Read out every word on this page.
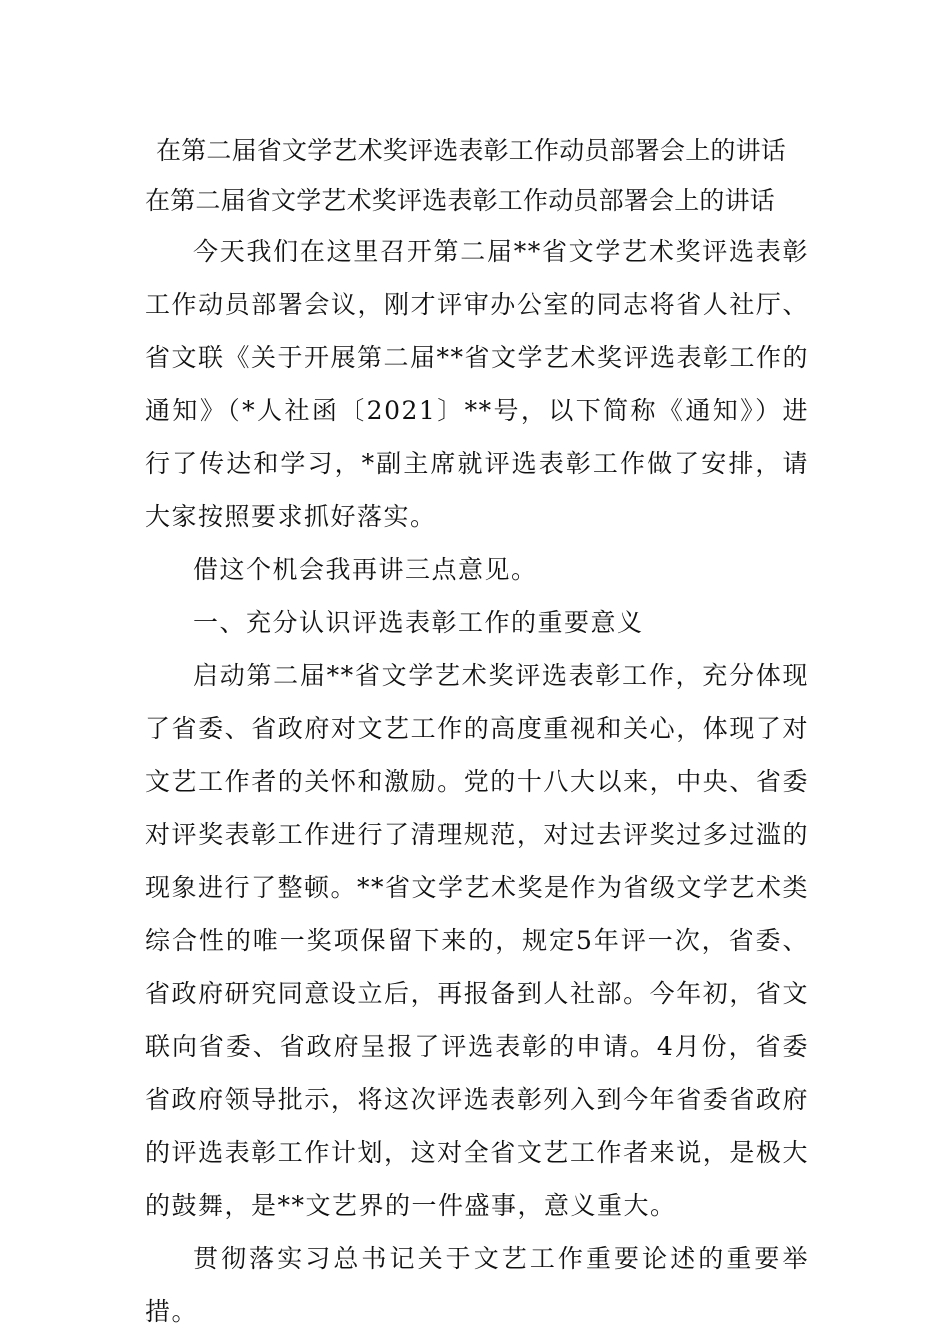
在第二届省文学艺术奖评选表彰工作动员部署会上的讲话
在第二届省文学艺术奖评选表彰工作动员部署会上的讲话

今天我们在这里召开第二届**省文学艺术奖评选表彰工作动员部署会议，刚才评审办公室的同志将省人社厅、省文联《关于开展第二届**省文学艺术奖评选表彰工作的通知》（*人社函〔2021〕**号，以下简称《通知》）进行了传达和学习，*副主席就评选表彰工作做了安排，请大家按照要求抓好落实。

借这个机会我再讲三点意见。

一、充分认识评选表彰工作的重要意义

启动第二届**省文学艺术奖评选表彰工作，充分体现了省委、省政府对文艺工作的高度重视和关心，体现了对文艺工作者的关怀和激励。党的十八大以来，中央、省委对评奖表彰工作进行了清理规范，对过去评奖过多过滥的现象进行了整顿。**省文学艺术奖是作为省级文学艺术类综合性的唯一奖项保留下来的，规定5年评一次，省委、省政府研究同意设立后，再报备到人社部。今年初，省文联向省委、省政府呈报了评选表彰的申请。4月份，省委省政府领导批示，将这次评选表彰列入到今年省委省政府的评选表彰工作计划，这对全省文艺工作者来说，是极大的鼓舞，是**文艺界的一件盛事，意义重大。

贯彻落实习总书记关于文艺工作重要论述的重要举措。
